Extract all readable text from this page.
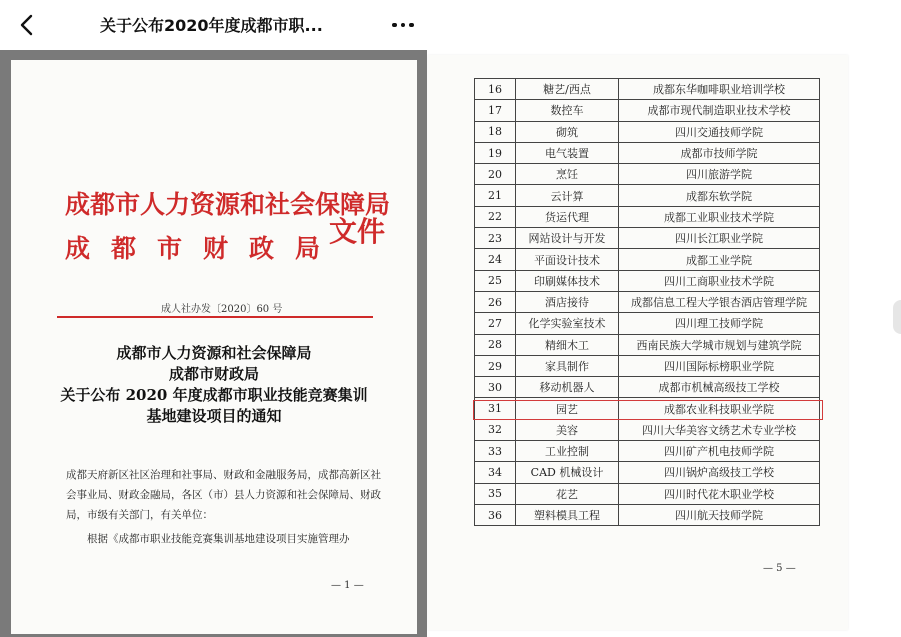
关于公布2020年度成都市职...
成都市人力资源和社会保障局
成都市财政局
文件
成人社办发〔2020〕60 号
成都市人力资源和社会保障局
成都市财政局
关于公布 2020 年度成都市职业技能竞赛集训
基地建设项目的通知
成都天府新区社区治理和社事局、财政和金融服务局，成都高新区社会事业局、财政金融局，各区（市）县人力资源和社会保障局、财政局，市级有关部门，有关单位：
根据《成都市职业技能竞赛集训基地建设项目实施管理办
— 1 —
16	糖艺/西点	成都东华咖啡职业培训学校
17	数控车	成都市现代制造职业技术学校
18	砌筑	四川交通技师学院
19	电气装置	成都市技师学院
20	烹饪	四川旅游学院
21	云计算	成都东软学院
22	货运代理	成都工业职业技术学院
23	网站设计与开发	四川长江职业学院
24	平面设计技术	成都工业学院
25	印刷媒体技术	四川工商职业技术学院
26	酒店接待	成都信息工程大学银杏酒店管理学院
27	化学实验室技术	四川理工技师学院
28	精细木工	西南民族大学城市规划与建筑学院
29	家具制作	四川国际标榜职业学院
30	移动机器人	成都市机械高级技工学校
31	园艺	成都农业科技职业学院
32	美容	四川大华美容文绣艺术专业学校
33	工业控制	四川矿产机电技师学院
34	CAD 机械设计	四川锅炉高级技工学校
35	花艺	四川时代花木职业学校
36	塑料模具工程	四川航天技师学院
— 5 —
